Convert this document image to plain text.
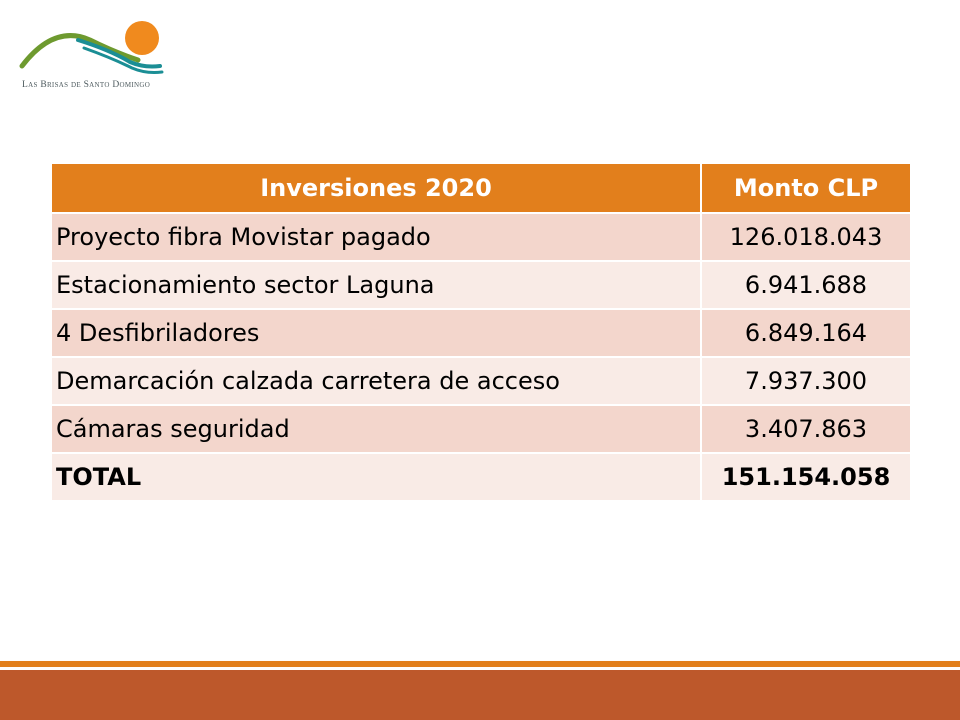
Las Brisas de Santo Domingo
Inversiones 2020	Monto CLP
Proyecto fibra Movistar pagado	126.018.043
Estacionamiento sector Laguna	6.941.688
4 Desfibriladores	6.849.164
Demarcación calzada carretera de acceso	7.937.300
Cámaras seguridad	3.407.863
TOTAL	151.154.058
